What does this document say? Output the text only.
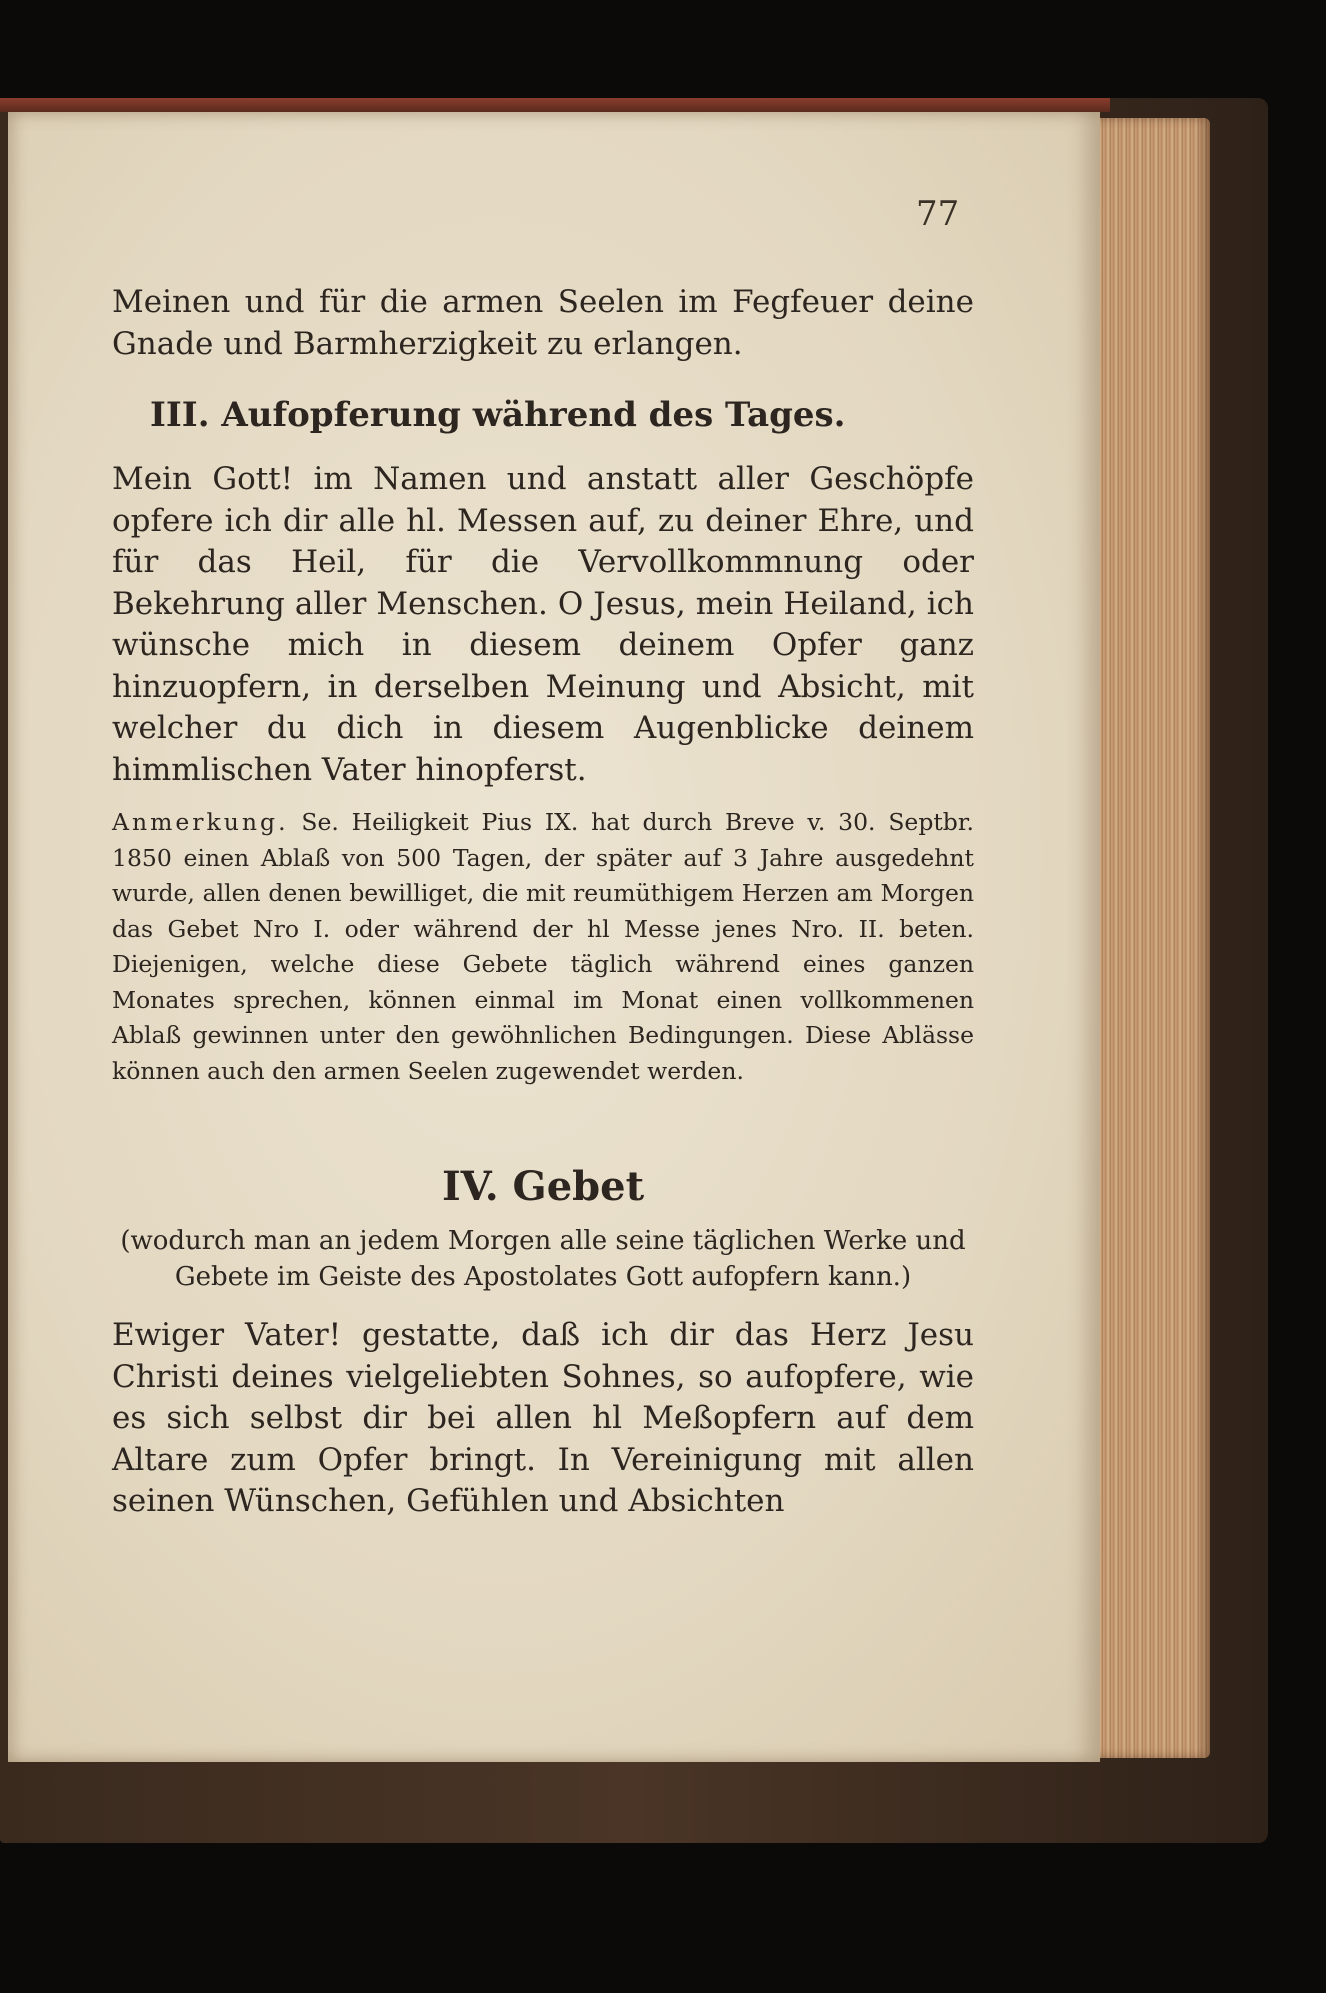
77

Meinen und für die armen Seelen im Fegfeuer deine Gnade und Barmherzigkeit zu erlangen.

III. Aufopferung während des Tages.

Mein Gott! im Namen und anstatt aller Geschöpfe opfere ich dir alle hl. Messen auf, zu deiner Ehre, und für das Heil, für die Vervollkommnung oder Bekehrung aller Menschen. O Jesus, mein Heiland, ich wünsche mich in diesem deinem Opfer ganz hinzuopfern, in derselben Meinung und Absicht, mit welcher du dich in diesem Augenblicke deinem himmlischen Vater hinopferst.

Anmerkung. Se. Heiligkeit Pius IX. hat durch Breve v. 30. Septbr. 1850 einen Ablaß von 500 Tagen, der später auf 3 Jahre ausgedehnt wurde, allen denen bewilliget, die mit reumüthigem Herzen am Morgen das Gebet Nro I. oder während der hl Messe jenes Nro. II. beten. Diejenigen, welche diese Gebete täglich während eines ganzen Monates sprechen, können einmal im Monat einen vollkommenen Ablaß gewinnen unter den gewöhnlichen Bedingungen. Diese Ablässe können auch den armen Seelen zugewendet werden.

IV. Gebet
(wodurch man an jedem Morgen alle seine täglichen Werke und Gebete im Geiste des Apostolates Gott aufopfern kann.)

Ewiger Vater! gestatte, daß ich dir das Herz Jesu Christi deines vielgeliebten Sohnes, so aufopfere, wie es sich selbst dir bei allen hl Meßopfern auf dem Altare zum Opfer bringt. In Vereinigung mit allen seinen Wünschen, Gefühlen und Absichten
